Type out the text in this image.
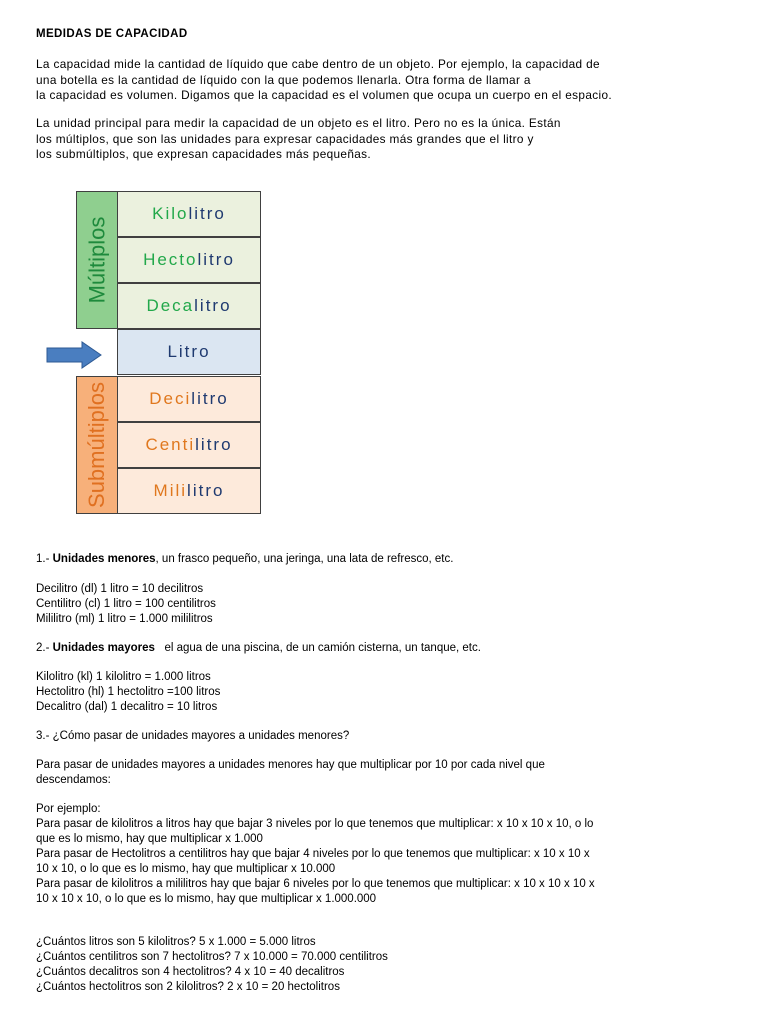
MEDIDAS DE CAPACIDAD
La capacidad mide la cantidad de líquido que cabe dentro de un objeto. Por ejemplo, la capacidad de
una botella es la cantidad de líquido con la que podemos llenarla. Otra forma de llamar a
la capacidad es volumen. Digamos que la capacidad es el volumen que ocupa un cuerpo en el espacio.
La unidad principal para medir la capacidad de un objeto es el litro. Pero no es la única. Están
los múltiplos, que son las unidades para expresar capacidades más grandes que el litro y
los submúltiplos, que expresan capacidades más pequeñas.
Múltiplos
Submúltiplos
Kilo litro
Hecto litro
Deca litro
Litro
Deci litro
Centi litro
Mili litro
1.- Unidades menores, un frasco pequeño, una jeringa, una lata de refresco, etc.
Decilitro (dl) 1 litro = 10 decilitros
Centilitro (cl) 1 litro = 100 centilitros
Mililitro (ml) 1 litro = 1.000 mililitros
2.- Unidades mayores   el agua de una piscina, de un camión cisterna, un tanque, etc.
Kilolitro (kl) 1 kilolitro = 1.000 litros
Hectolitro (hl) 1 hectolitro =100 litros
Decalitro (dal) 1 decalitro = 10 litros
3.- ¿Cómo pasar de unidades mayores a unidades menores?
Para pasar de unidades mayores a unidades menores hay que multiplicar por 10 por cada nivel que
descendamos:
Por ejemplo:
Para pasar de kilolitros a litros hay que bajar 3 niveles por lo que tenemos que multiplicar: x 10 x 10 x 10, o lo
que es lo mismo, hay que multiplicar x 1.000
Para pasar de Hectolitros a centilitros hay que bajar 4 niveles por lo que tenemos que multiplicar: x 10 x 10 x
10 x 10, o lo que es lo mismo, hay que multiplicar x 10.000
Para pasar de kilolitros a mililitros hay que bajar 6 niveles por lo que tenemos que multiplicar: x 10 x 10 x 10 x
10 x 10 x 10, o lo que es lo mismo, hay que multiplicar x 1.000.000
¿Cuántos litros son 5 kilolitros? 5 x 1.000 = 5.000 litros
¿Cuántos centilitros son 7 hectolitros? 7 x 10.000 = 70.000 centilitros
¿Cuántos decalitros son 4 hectolitros? 4 x 10 = 40 decalitros
¿Cuántos hectolitros son 2 kilolitros? 2 x 10 = 20 hectolitros
